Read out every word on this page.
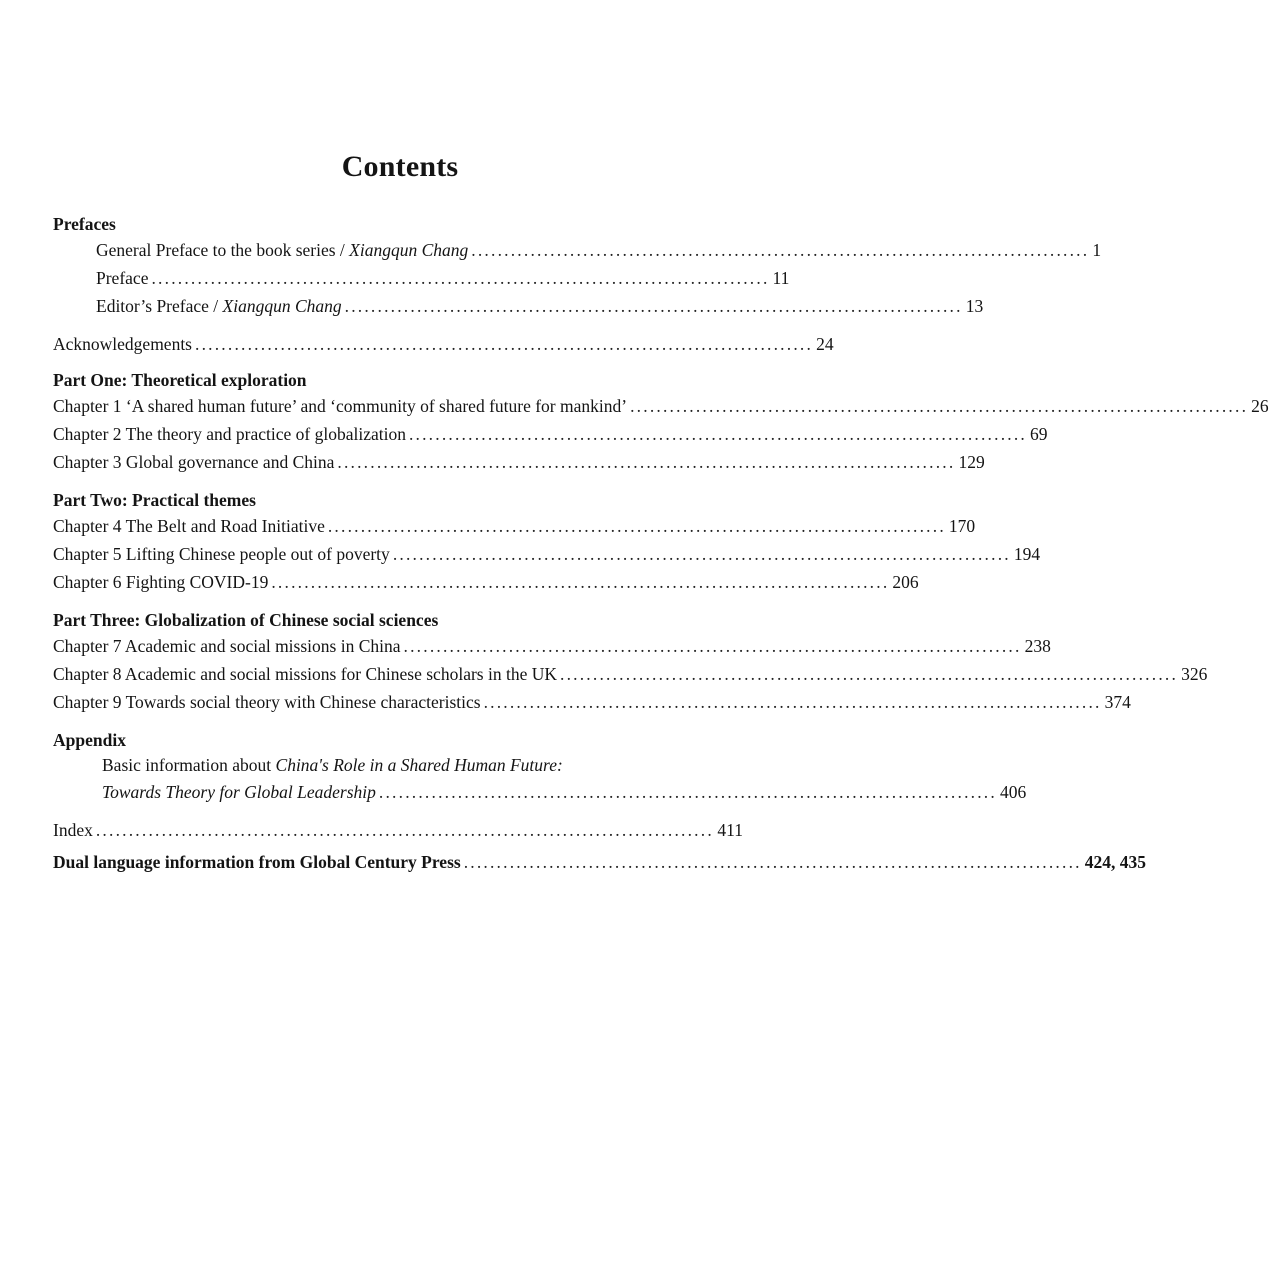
Contents
Prefaces
General Preface to the book series / Xiangqun Chang .............................................................................................. 1
Preface .............................................................................................. 11
Editor’s Preface / Xiangqun Chang .............................................................................................. 13
Acknowledgements .............................................................................................. 24
Part One: Theoretical exploration
Chapter 1 ‘A shared human future’ and ‘community of shared future for mankind’ .............................................................................................. 26
Chapter 2 The theory and practice of globalization .............................................................................................. 69
Chapter 3 Global governance and China .............................................................................................. 129
Part Two: Practical themes
Chapter 4 The Belt and Road Initiative .............................................................................................. 170
Chapter 5 Lifting Chinese people out of poverty .............................................................................................. 194
Chapter 6 Fighting COVID-19 .............................................................................................. 206
Part Three: Globalization of Chinese social sciences
Chapter 7 Academic and social missions in China .............................................................................................. 238
Chapter 8 Academic and social missions for Chinese scholars in the UK .............................................................................................. 326
Chapter 9 Towards social theory with Chinese characteristics .............................................................................................. 374
Appendix
Basic information about China's Role in a Shared Human Future:
Towards Theory for Global Leadership .............................................................................................. 406
Index .............................................................................................. 411
Dual language information from Global Century Press .............................................................................................. 424, 435
